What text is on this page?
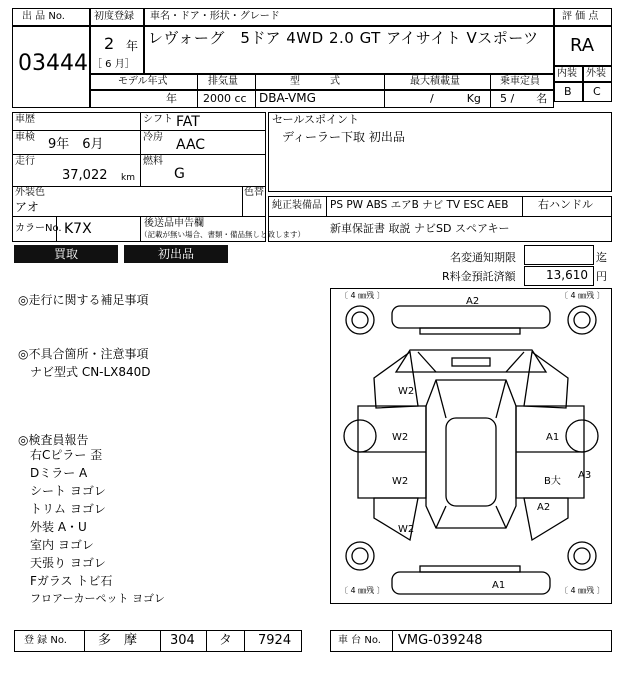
出 品 No.
03444
初度登録
2 年
［ 6 月］
車名・ドア・形状・グレード
レヴォーグ　5ドア 4WD 2.0 GT アイサイト Vスポーツ
評 価 点
RA
内装 外装
B C
モデル年式	排気量	型　　　式	最大積載量	乗車定員
年 2000 cc DBA-VMG	/　　　Kg 5 /　　名
車歴
車検 9年　6月
走行
37,022 km
シフト FAT
冷房 AAC
燃料
G
外装色
アオ
色替
カラーNo. K7X	後送品申告欄
（記載が無い場合、書類・備品無しと致します）
セールスポイント
ディーラー下取 初出品
純正装備品 PS PW ABS エアB ナビ TV ESC AEB	右ハンドル
新車保証書 取説 ナビSD スペアキー
買取	初出品	名変通知期限	迄
R料金預託済額	13,610 円
◎走行に関する補足事項
◎不具合箇所・注意事項
ナビ型式 CN-LX840D
◎検査員報告
右Cピラー 歪
Dミラー A
シート ヨゴレ
トリム ヨゴレ
外装 A・U
室内 ヨゴレ
天張り ヨゴレ
Fガラス トビ石
フロアーカーペット ヨゴレ
〔 4 ㎜残 〕	〔 4 ㎜残 〕
〔 4 ㎜残 〕	〔 4 ㎜残 〕
A2
W2
W2
W2
W2
A1
B大
A3
A2
A1
登 録 No. 多　摩	304 タ 7924	車 台 No. VMG-039248
